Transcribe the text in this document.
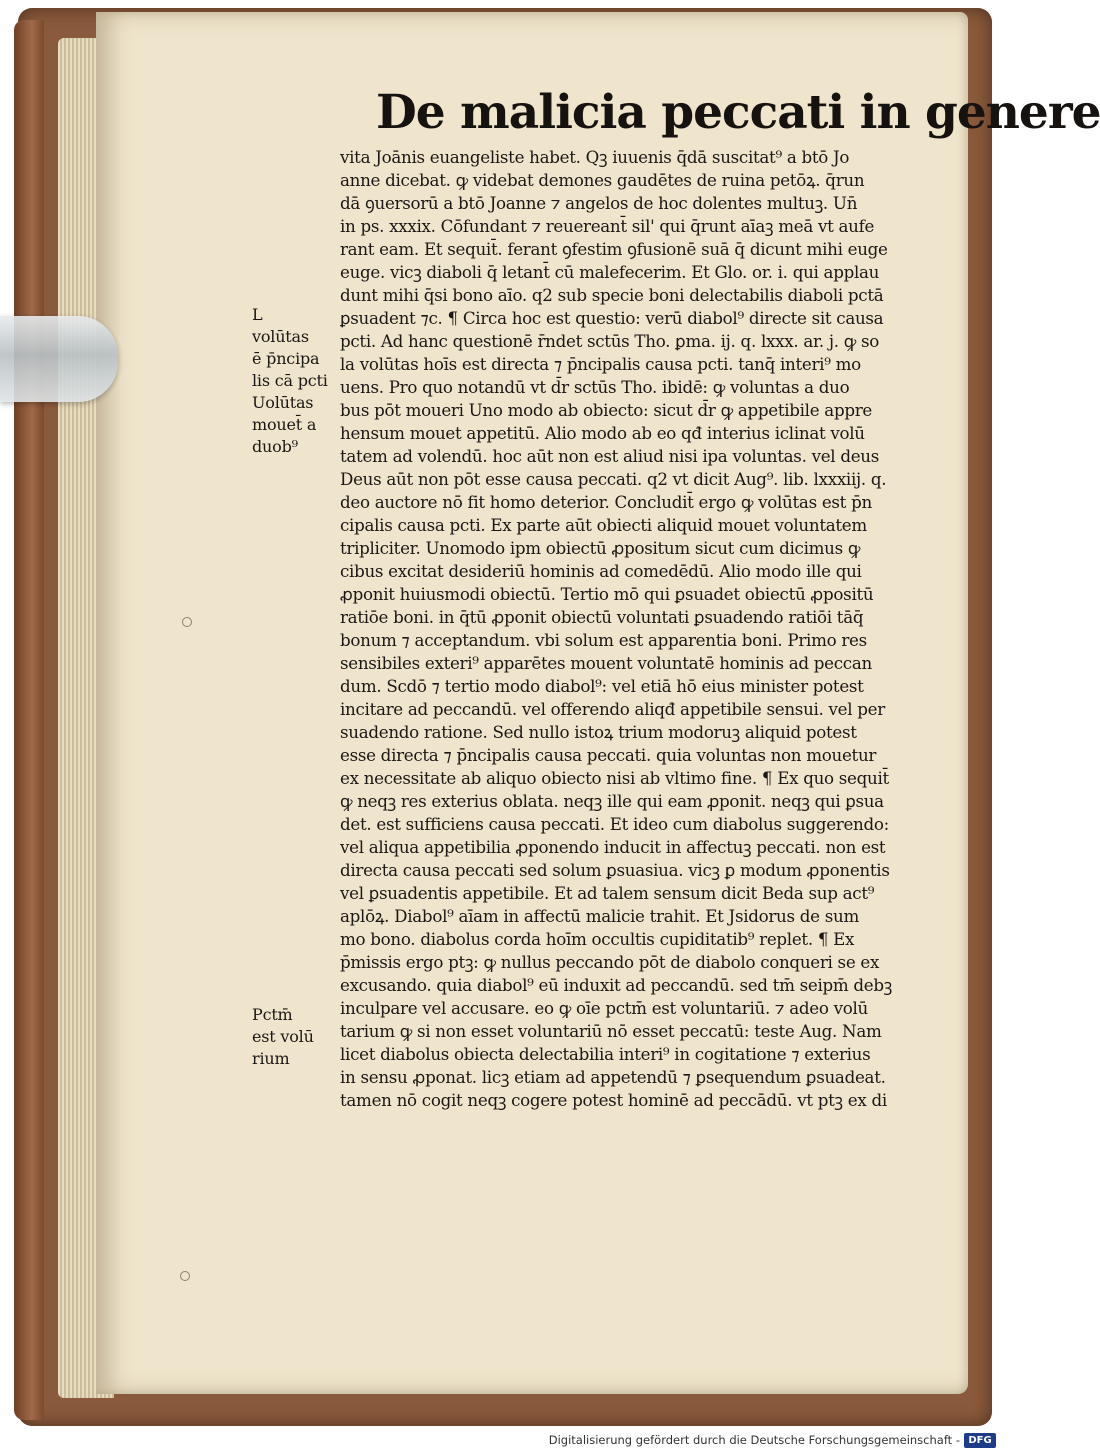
De malicia peccati in genere
vita Joānis euangeliste habet. Qꝫ iuuenis q̄dā suscitat⁹ a btō Jo
anne dicebat. ꝙ videbat demones gaudētes de ruina petōꝝ. q̄run
dā ꝯuersorū a btō Joanne ⁊ angelos de hoc dolentes multuꝫ. Un̄
in ps. xxxix. Cōfundant ⁊ reuereant̄ sil' qui q̄runt aīaꝫ meā vt aufe
rant eam. Et sequit̄. ferant ꝯfestim ꝯfusionē suā q̄ dicunt mihi euge
euge. vicꝫ diaboli q̄ letant̄ cū malefecerim. Et Glo. or. i. qui applau
dunt mihi q̄si bono aīo. q2 sub specie boni delectabilis diaboli pctā
ꝑsuadent ⁊c. ¶ Circa hoc est questio: verū diabol⁹ directe sit causa
pcti. Ad hanc questionē r̄ndet sctūs Tho. ꝑma. ij. q. lxxx. ar. j. ꝙ so
la volūtas hoīs est directa ⁊ p̄ncipalis causa pcti. tanq̄ interi⁹ mo
uens. Pro quo notandū vt d̄r sctūs Tho. ibidē: ꝙ voluntas a duo
bus pōt moueri Uno modo ab obiecto: sicut d̄r ꝙ appetibile appre
hensum mouet appetitū. Alio modo ab eo qđ interius iclinat volū
tatem ad volendū. hoc aūt non est aliud nisi ipa voluntas. vel deus
Deus aūt non pōt esse causa peccati. q2 vt dicit Aug⁹. lib. lxxxiij. q.
deo auctore nō fit homo deterior. Concludit̄ ergo ꝙ volūtas est p̄n
cipalis causa pcti. Ex parte aūt obiecti aliquid mouet voluntatem
tripliciter. Unomodo ipm obiectū ꝓpositum sicut cum dicimus ꝙ
cibus excitat desideriū hominis ad comedēdū. Alio modo ille qui
ꝓponit huiusmodi obiectū. Tertio mō qui ꝑsuadet obiectū ꝓpositū
ratiōe boni. in q̄tū ꝓponit obiectū voluntati ꝑsuadendo ratiōi tāq̄
bonum ⁊ acceptandum. vbi solum est apparentia boni. Primo res
sensibiles exteri⁹ apparētes mouent voluntatē hominis ad peccan
dum. Scdō ⁊ tertio modo diabol⁹: vel etiā hō eius minister potest
incitare ad peccandū. vel offerendo aliqđ appetibile sensui. vel per
suadendo ratione. Sed nullo istoꝝ trium modoruꝫ aliquid potest
esse directa ⁊ p̄ncipalis causa peccati. quia voluntas non mouetur
ex necessitate ab aliquo obiecto nisi ab vltimo fine. ¶ Ex quo sequit̄
ꝙ neqꝫ res exterius oblata. neqꝫ ille qui eam ꝓponit. neqꝫ qui ꝑsua
det. est sufficiens causa peccati. Et ideo cum diabolus suggerendo:
vel aliqua appetibilia ꝓponendo inducit in affectuꝫ peccati. non est
directa causa peccati sed solum ꝑsuasiua. vicꝫ ꝑ modum ꝓponentis
vel ꝑsuadentis appetibile. Et ad talem sensum dicit Beda sup act⁹
aplōꝝ. Diabol⁹ aīam in affectū malicie trahit. Et Jsidorus de sum
mo bono. diabolus corda hoīm occultis cupiditatib⁹ replet. ¶ Ex
p̄missis ergo ptꝫ: ꝙ nullus peccando pōt de diabolo conqueri se ex
excusando. quia diabol⁹ eū induxit ad peccandū. sed tm̄ seipm̄ debꝫ
inculpare vel accusare. eo ꝙ oīe pctm̄ est voluntariū. ⁊ adeo volū
tarium ꝙ si non esset voluntariū nō esset peccatū: teste Aug. Nam
licet diabolus obiecta delectabilia interi⁹ in cogitatione ⁊ exterius
in sensu ꝓponat. licꝫ etiam ad appetendū ⁊ ꝑsequendum ꝑsuadeat.
tamen nō cogit neqꝫ cogere potest hominē ad peccādū. vt ptꝫ ex di
L
volūtas
ē p̄ncipa
lis cā pcti
Uolūtas
mouet̄ a
duob⁹
Pctm̄
est volū
rium
Digitalisierung gefördert durch die Deutsche Forschungsgemeinschaft - DFG
